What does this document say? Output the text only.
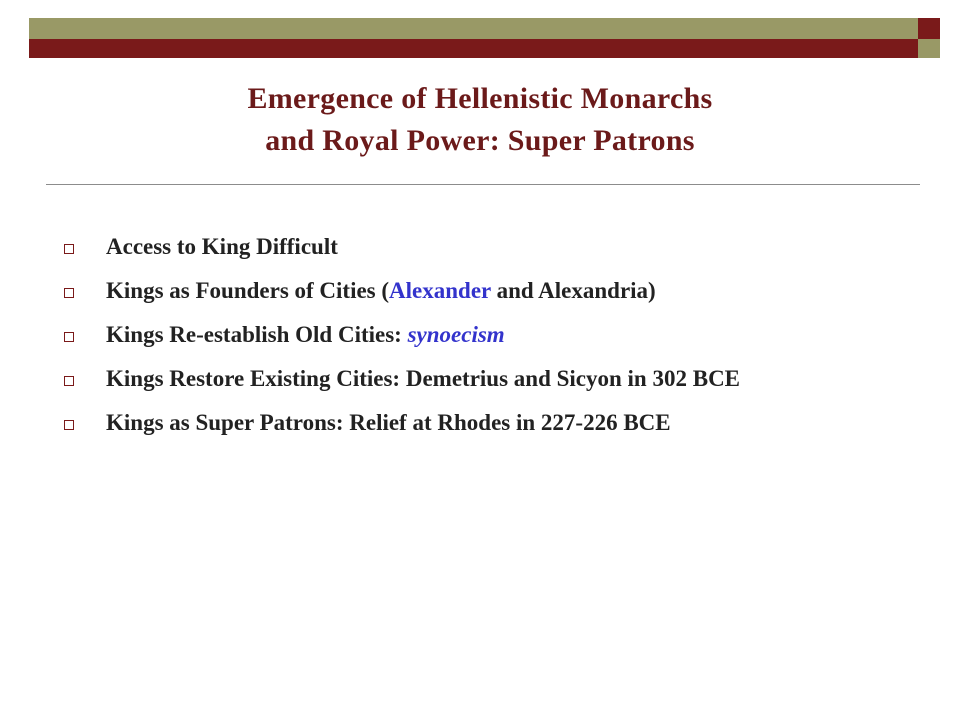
Emergence of Hellenistic Monarchs
and Royal Power: Super Patrons
Access to King Difficult
Kings as Founders of Cities (Alexander and Alexandria)
Kings Re-establish Old Cities: synoecism
Kings Restore Existing Cities: Demetrius and Sicyon in 302 BCE
Kings as Super Patrons: Relief at Rhodes in 227-226 BCE
